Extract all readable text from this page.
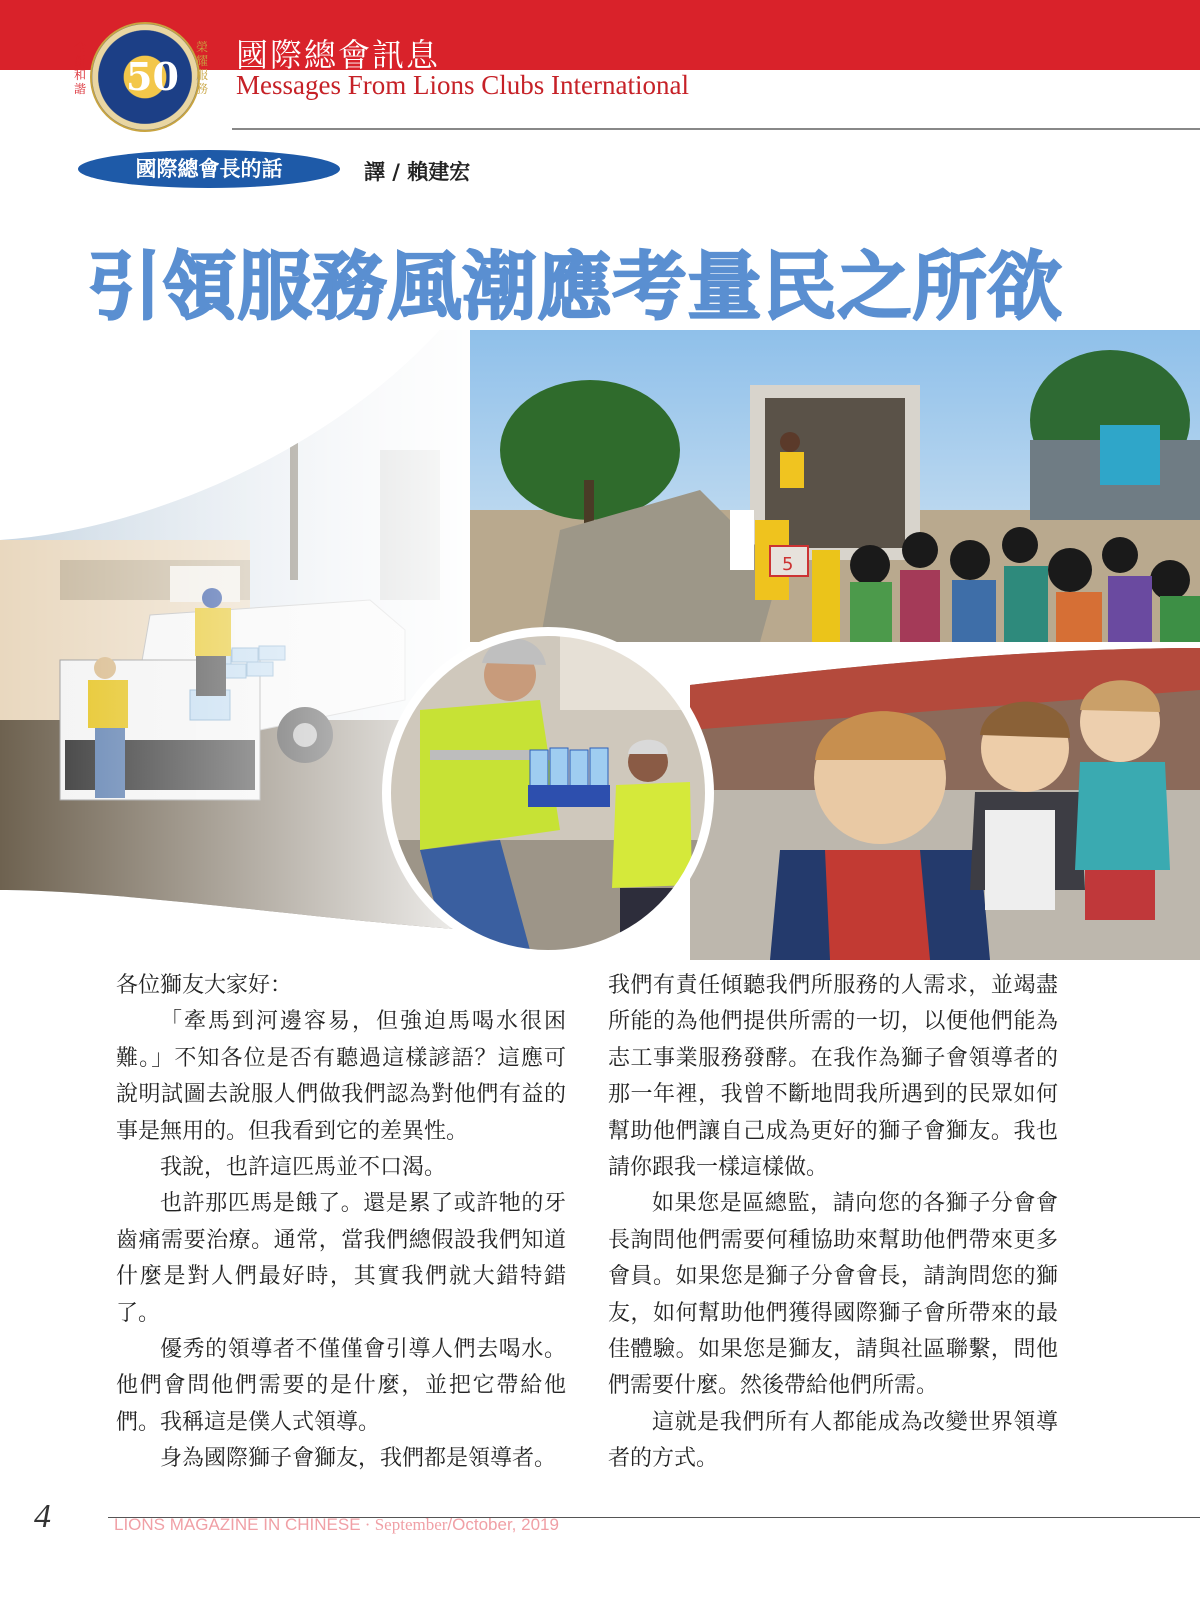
全
新
和
諧 50
榮
耀
服
務
國際總會訊息
Messages From Lions Clubs International
國際總會長的話	譯 / 賴建宏
引領服務風潮應考量民之所欲
5

各位獅友大家好：

「牽馬到河邊容易，但強迫馬喝水很困難。」不知各位是否有聽過這樣諺語？這應可說明試圖去說服人們做我們認為對他們有益的事是無用的。但我看到它的差異性。

我說，也許這匹馬並不口渴。

也許那匹馬是餓了。還是累了或許牠的牙齒痛需要治療。通常，當我們總假設我們知道什麼是對人們最好時，其實我們就大錯特錯了。

優秀的領導者不僅僅會引導人們去喝水。他們會問他們需要的是什麼，並把它帶給他們。我稱這是僕人式領導。

身為國際獅子會獅友，我們都是領導者。

我們有責任傾聽我們所服務的人需求，並竭盡所能的為他們提供所需的一切，以便他們能為志工事業服務發酵。在我作為獅子會領導者的那一年裡，我曾不斷地問我所遇到的民眾如何幫助他們讓自己成為更好的獅子會獅友。我也請你跟我一樣這樣做。

如果您是區總監，請向您的各獅子分會會長詢問他們需要何種協助來幫助他們帶來更多會員。如果您是獅子分會會長，請詢問您的獅友，如何幫助他們獲得國際獅子會所帶來的最佳體驗。如果您是獅友，請與社區聯繫，問他們需要什麼。然後帶給他們所需。

這就是我們所有人都能成為改變世界領導者的方式。

4	LIONS MAGAZINE IN CHINESE · September/October, 2019
